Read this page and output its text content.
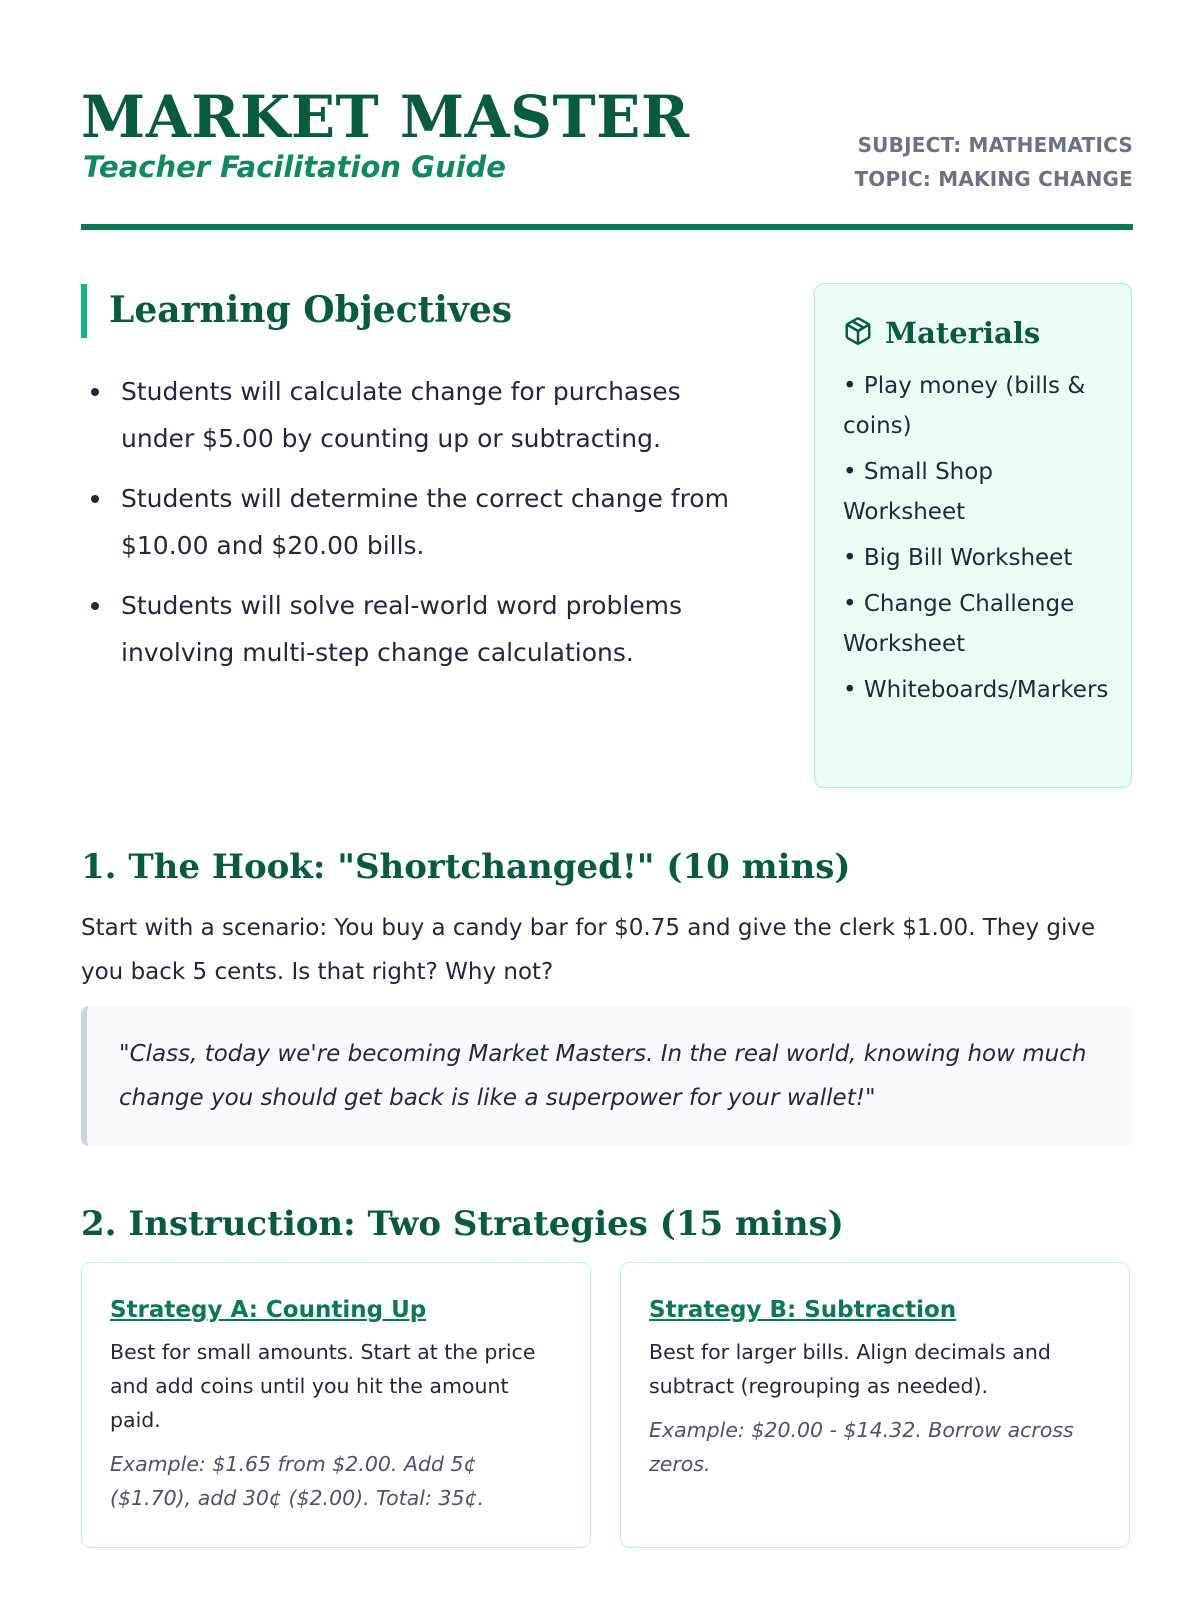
MARKET MASTER
Teacher Facilitation Guide
SUBJECT: MATHEMATICS
TOPIC: MAKING CHANGE
Learning Objectives
Students will calculate change for purchases under $5.00 by counting up or subtracting.
Students will determine the correct change from $10.00 and $20.00 bills.
Students will solve real-world word problems involving multi-step change calculations.
Materials
• Play money (bills & coins)
• Small Shop Worksheet
• Big Bill Worksheet
• Change Challenge Worksheet
• Whiteboards/Markers
1. The Hook: "Shortchanged!" (10 mins)

Start with a scenario: You buy a candy bar for $0.75 and give the clerk $1.00. They give you back 5 cents. Is that right? Why not?

"Class, today we're becoming Market Masters. In the real world, knowing how much change you should get back is like a superpower for your wallet!"
2. Instruction: Two Strategies (15 mins)
Strategy A: Counting Up

Best for small amounts. Start at the price and add coins until you hit the amount paid.

Example: $1.65 from $2.00. Add 5¢ ($1.70), add 30¢ ($2.00). Total: 35¢.

Strategy B: Subtraction

Best for larger bills. Align decimals and subtract (regrouping as needed).

Example: $20.00 - $14.32. Borrow across zeros.
